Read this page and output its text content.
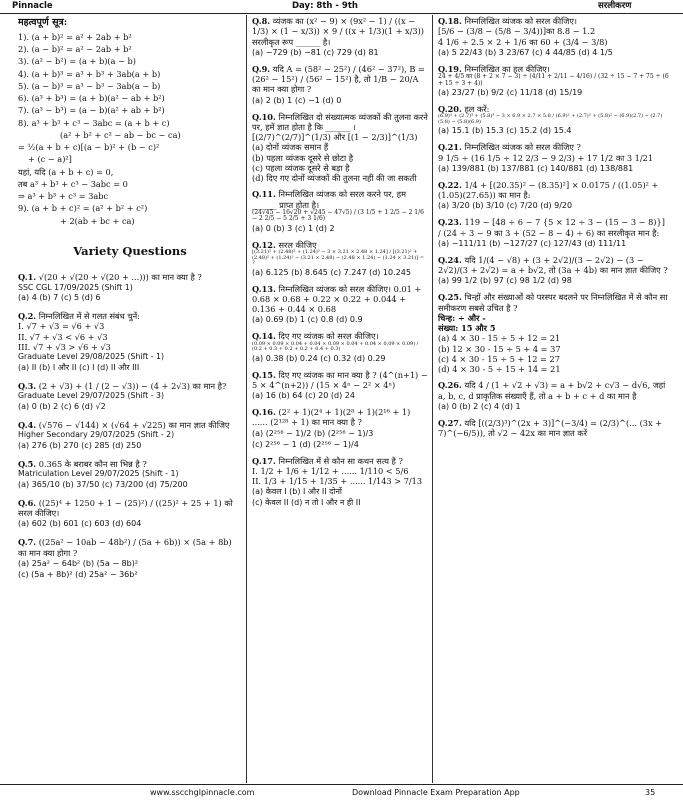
Pinnacle	Day: 8th - 9th	सरलीकरण
महत्वपूर्ण सूत्र:
1). (a + b)² = a² + 2ab + b²
2). (a − b)² = a² − 2ab + b²
3). (a² − b²) = (a + b)(a − b)
4). (a + b)³ = a³ + b³ + 3ab(a + b)
5). (a − b)³ = a³ − b³ − 3ab(a − b)
6). (a³ + b³) = (a + b)(a² − ab + b²)
7). (a³ − b³) = (a − b)(a² + ab + b²)
8). a³ + b³ + c³ − 3abc = (a + b + c)
(a² + b² + c² − ab − bc − ca)
= ½(a + b + c)[(a − b)² + (b − c)²
+ (c − a)²]
यहां, यदि (a + b + c) = 0,
तब a³ + b³ + c³ − 3abc = 0
⇒ a³ + b³ + c³ = 3abc
9). (a + b + c)² = (a² + b² + c²)
+ 2(ab + bc + ca)
Variety Questions
Q.1. √(20 + √(20 + √(20 + ...))) का मान क्या है ?
SSC CGL 17/09/2025 (Shift 1)
(a) 4 (b) 7 (c) 5 (d) 6
Q.2. निम्नलिखित में से गलत संबंध चुनें:
I. √7 + √3 = √6 + √3
II. √7 + √3 < √6 + √3
III. √7 + √3 > √6 + √3
Graduate Level 29/08/2025 (Shift - 1)
(a) II (b) I और II (c) I (d) II और III
Q.3. (2 + √3) + (1 / (2 − √3)) − (4 + 2√3) का मान है?
Graduate Level 29/07/2025 (Shift - 3)
(a) 0 (b) 2 (c) 6 (d) √2
Q.4. (√576 − √144) × (√64 + √225) का मान ज्ञात कीजिए
Higher Secondary 29/07/2025 (Shift - 2)
(a) 276 (b) 270 (c) 285 (d) 250
Q.5. 0.365 के बराबर कौन सा भिन्न है ?
Matriculation Level 29/07/2025 (Shift - 1)
(a) 365/10 (b) 37/50 (c) 73/200 (d) 75/200
Q.6. ((25)⁴ + 1250 + 1 − (25)²) / ((25)² + 25 + 1) को सरल कीजिए।
(a) 602 (b) 601 (c) 603 (d) 604
Q.7. ((25a² − 10ab − 48b²) / (5a + 6b)) × (5a + 8b) का मान क्या होगा ?
(a) 25a² − 64b² (b) (5a − 8b)²
(c) (5a + 8b)² (d) 25a² − 36b²
Q.8. व्यंजक का (x² − 9) × (9x² − 1) / ((x − 1/3) × (1 − x/3)) × 9 / ((x + 1/3)(1 + x/3)) सरलीकृत रूप ______ है।
(a) −729 (b) −81 (c) 729 (d) 81
Q.9. यदि A = (58² − 25²) / (46² − 37²), B = (26² − 15²) / (56² − 15²) है, तो 1/B − 20/A का मान क्या होगा ?
(a) 2 (b) 1 (c) −1 (d) 0
Q.10. निम्नलिखित दो संख्यात्मक व्यंजकों की तुलना करने पर, हमें ज्ञात होता है कि ______ । [(2/7)^(2/7)]^(1/3) और [(1 − 2/3)]^(1/3)
(a) दोनों व्यंजक समान हैं
(b) पहला व्यंजक दूसरे से छोटा है
(c) पहला व्यंजक दूसरे से बड़ा है
(d) दिए गए दोनों व्यंजकों की तुलना नहीं की जा सकती
Q.11. निम्नलिखित व्यंजक को सरल करने पर, हम ______ प्राप्त होता है।
(24√45 − 16√20 + √245 − 47√5) / (3 1/5 + 1 2/5 − 2 1/6 − 2 2/5 − 5 2/5 + 3 1/6)
(a) 0 (b) 3 (c) 1 (d) 2
Q.12. सरल कीजिए
[(3.21)³ + (2.48)³ + (1.24)³ − 3 × 3.21 × 2.48 × 1.24] / [(3.21)² + (2.48)² + (1.24)² − (3.21 × 2.48) − (2.48 × 1.24) − (1.24 × 3.21)] = ?
(a) 6.125 (b) 8.645 (c) 7.247 (d) 10.245
Q.13. निम्नलिखित व्यंजक को सरल कीजिए। 0.01 + 0.68 × 0.68 + 0.22 × 0.22 + 0.044 + 0.136 + 0.44 × 0.68
(a) 0.69 (b) 1 (c) 0.8 (d) 0.9
Q.14. दिए गए व्यंजक को सरल कीजिए।
(0.09 × 0.09 × 0.04 + 0.04 × 0.09 × 0.04 + 0.04 × 0.09 × 0.09) / (0.2 + 0.3 + 0.2 + 0.2 + 0.4 + 0.3)
(a) 0.38 (b) 0.24 (c) 0.32 (d) 0.29
Q.15. दिए गए व्यंजक का मान क्या है ? (4^(n+1) − 5 × 4^(n+2)) / (15 × 4ⁿ − 2² × 4ⁿ)
(a) 16 (b) 64 (c) 20 (d) 24
Q.16. (2² + 1)(2⁴ + 1)(2⁸ + 1)(2¹⁶ + 1) ...... (2¹²⁸ + 1) का मान क्या है ?
(a) (2²⁵⁶ − 1)/2 (b) (2²⁵⁶ − 1)/3
(c) 2²⁵⁶ − 1 (d) (2²⁵⁶ − 1)/4
Q.17. निम्नलिखित में से कौन सा कथन सत्य है ?
I. 1/2 + 1/6 + 1/12 + ...... 1/110 < 5/6
II. 1/3 + 1/15 + 1/35 + ...... 1/143 > 7/13
(a) केवल I (b) I और II दोनों
(c) केवल II (d) न तो I और न ही II
Q.18. निम्नलिखित व्यंजक को सरल कीजिए।
[5/6 − (3/8 − (5/8 − 3/4))]का 8.8 − 1.2
4 1/6 ÷ 2.5 × 2 + 1/6 का 60 + (3/4 − 3/8)
(a) 5 22/43 (b) 3 23/67 (c) 4 44/85 (d) 4 1/5
Q.19. निम्नलिखित का हल कीजिए।
24 + 4/5 का (8 + 2 × 7 − 3) ÷ (4/11 + 2/11 − 4/16) / (32 ÷ 15 − 7 + 75 ÷ (6 + 15 ÷ 3 + 4))
(a) 23/27 (b) 9/2 (c) 11/18 (d) 15/19
Q.20. हल करें:
(6.9)³ + (2.7)³ + (5.8)³ − 3 × 6.9 × 2.7 × 5.8 / (6.9)² + (2.7)² + (5.8)² − (6.9)(2.7) − (2.7)(5.8) − (5.8)(6.9)
(a) 15.1 (b) 15.3 (c) 15.2 (d) 15.4
Q.21. निम्नलिखित व्यंजक को सरल कीजिए ?
9 1/5 ÷ (16 1/5 ÷ 12 2/3 − 9 2/3) + 17 1/2 का 3 1/21
(a) 139/881 (b) 137/881 (c) 140/881 (d) 138/881
Q.22. 1/4 + [(20.35)² − (8.35)²] × 0.0175 / ((1.05)² + (1.05)(27.65)) का मान है:
(a) 3/20 (b) 3/10 (c) 7/20 (d) 9/20
Q.23. 119 − [48 ÷ 6 − 7 {5 × 12 ÷ 3 − (15 − 3 − 8)}] / (24 ÷ 3 − 9 का 3 + (52 − 8 − 4) ÷ 6) का सरलीकृत मान है:
(a) −111/11 (b) −127/27 (c) 127/43 (d) 111/11
Q.24. यदि 1/(4 − √8) + (3 + 2√2)/(3 − 2√2) − (3 − 2√2)/(3 + 2√2) = a + b√2, तो (3a + 4b) का मान ज्ञात कीजिए ?
(a) 99 1/2 (b) 97 (c) 98 1/2 (d) 98
Q.25. चिन्हों और संख्याओं को परस्पर बदलने पर निम्नलिखित में से कौन सा समीकरण सबसे उचित है ?
चिन्ह: ÷ और -
संख्या: 15 और 5
(a) 4 × 30 - 15 ÷ 5 + 12 = 21
(b) 12 × 30 - 15 ÷ 5 + 4 = 37
(c) 4 × 30 - 15 ÷ 5 + 12 = 27
(d) 4 × 30 - 5 ÷ 15 + 14 = 21
Q.26. यदि 4 / (1 + √2 + √3) = a + b√2 + c√3 − d√6, जहां a, b, c, d प्राकृतिक संख्याएँ हैं, तो a + b + c + d का मान है
(a) 0 (b) 2 (c) 4 (d) 1
Q.27. यदि [((2/3)³)^(2x + 3)]^(−3/4) = (2/3)^(... (3x + 7)^(−6/5)), तो √2 − 42x का मान ज्ञात करें
www.sscchglpinnacle.com	Download Pinnacle Exam Preparation App	35
